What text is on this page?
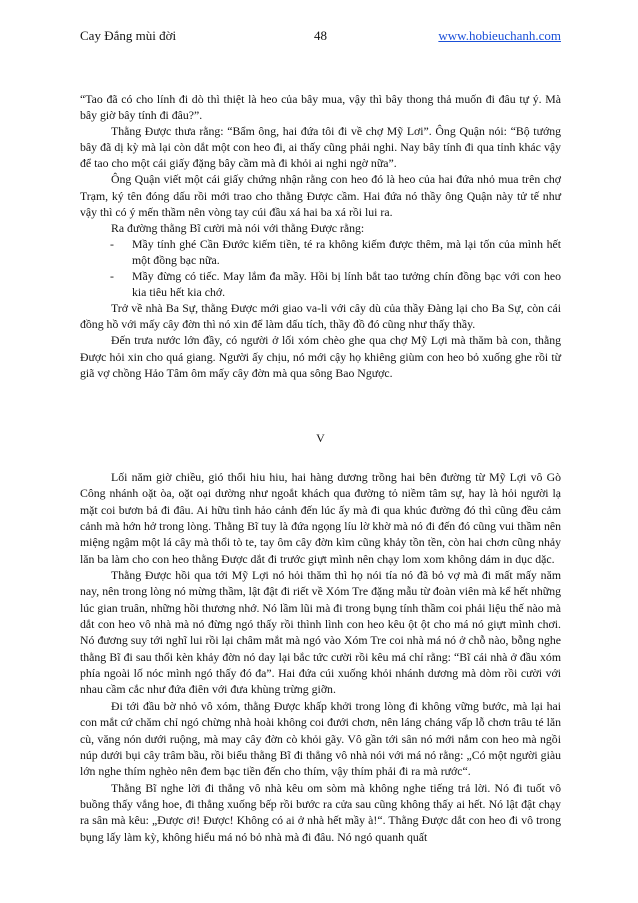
Cay Đắng mùi đời	48	www.hobieuchanh.com

“Tao đã có cho lính đi dò thì thiệt là heo của bây mua, vậy thì bây thong thả muốn đi đâu tự ý. Mà bây giờ bây tính đi đâu?”.

Thằng Được thưa rằng: “Bẩm ông, hai đứa tôi đi về chợ Mỹ Lơi”. Ông Quận nói: “Bộ tướng bây đã dị kỳ mà lại còn dắt một con heo đi, ai thấy cũng phải nghi. Nay bây tính đi qua tỉnh khác vậy để tao cho một cái giấy đặng bây cầm mà đi khỏi ai nghi ngờ nữa”.

Ông Quận viết một cái giấy chứng nhận rằng con heo đó là heo của hai đứa nhỏ mua trên chợ Trạm, ký tên đóng dấu rồi mới trao cho thằng Được cầm. Hai đứa nó thầy ông Quận này tử tế như vậy thì có ý mến thầm nên vòng tay cúi đầu xá hai ba xá rồi lui ra.

Ra đường thằng Bĩ cười mà nói với thằng Được rằng:

- Mầy tính ghé Cần Đước kiếm tiền, té ra không kiếm được thêm, mà lại tốn của mình hết một đồng bạc nữa.
- Mầy đừng có tiếc. May lắm đa mầy. Hồi bị lính bắt tao tưởng chín đồng bạc với con heo kia tiêu hết kia chớ.

Trở về nhà Ba Sự, thằng Được mới giao va-li với cây dù của thầy Đàng lại cho Ba Sự, còn cái đồng hồ với mấy cây đờn thì nó xin để làm dấu tích, thầy đồ đó cũng như thấy thầy.

Đến trưa nước lớn đầy, có người ở lối xóm chèo ghe qua chợ Mỹ Lợi mà thăm bà con, thằng Được hỏi xin cho quá giang. Người ấy chịu, nó mới cậy họ khiêng giùm con heo bỏ xuống ghe rồi từ giã vợ chồng Hảo Tâm ôm mấy cây đờn mà qua sông Bao Ngược.

V

Lối năm giờ chiều, gió thổi hiu hiu, hai hàng dương trồng hai bên đường từ Mỹ Lợi vô Gò Công nhánh oặt òa, oặt oại dường như ngoắt khách qua đường tỏ niềm tâm sự, hay là hỏi người lạ mặt coi bươn bả đi đâu. Ai hữu tình hảo cảnh đến lúc ấy mà đi qua khúc đường đó thì cũng đều cảm cảnh mà hớn hở trong lòng. Thằng Bĩ tuy là đứa ngọng líu lờ khờ mà nó đi đến đó cũng vui thầm nên miệng ngậm một lá cây mà thổi tò te, tay ôm cây đờn kìm cũng khảy tồn tền, còn hai chơn cũng nhảy lăn ba làm cho con heo thằng Được dắt đi trước giựt mình nên chạy lom xom không dám in dục dặc.

Thằng Được hồi qua tới Mỹ Lợi nó hỏi thăm thì họ nói tía nó đã bỏ vợ mà đi mất mấy năm nay, nên trong lòng nó mừng thầm, lật đật đi riết về Xóm Tre đặng mẫu từ đoàn viên mà kể hết những lúc gian truân, những hồi thương nhớ. Nó lầm lũi mà đi trong bụng tính thầm coi phải liệu thế nào mà dắt con heo vô nhà mà nó đừng ngó thấy rồi thình lình con heo kêu ột ột cho má nó giựt mình chơi. Nó đương suy tới nghĩ lui rồi lại châm mắt mà ngó vào Xóm Tre coi nhà má nó ở chỗ nào, bỗng nghe thằng Bĩ đi sau thổi kèn khảy đờn nó day lại bắc tức cười rồi kêu má chỉ rằng: “Bĩ cái nhà ở đầu xóm phía ngoài lố nóc mình ngó thấy đó đa”. Hai đứa cúi xuống khỏi nhánh dương mà dòm rồi cười với nhau cầm cắc như đứa điên với đưa khùng trừng giỡn.

Đi tới đầu bờ nhỏ vô xóm, thằng Được khấp khởi trong lòng đi không vững bước, mà lại hai con mắt cứ chăm chỉ ngó chừng nhà hoài không coi đưới chơn, nên láng cháng vấp lỗ chơn trâu té lăn cù, văng nón dưới ruộng, mà may cây đờn cò khỏi gãy. Vô gần tới sân nó mới nắm con heo mà ngồi núp dưới bụi cây trâm bầu, rồi biểu thằng Bĩ đi thẳng vô nhà nói với má nó rằng: „Có một người giàu lớn nghe thím nghèo nên đem bạc tiền đến cho thím, vậy thím phải đi ra mà rước“.

Thằng Bĩ nghe lời đi thẳng vô nhà kêu om sòm mà không nghe tiếng trả lời. Nó đi tuốt vô buồng thấy vắng hoe, đi thẳng xuống bếp rồi bước ra cửa sau cũng không thấy ai hết. Nó lật đật chạy ra sân mà kêu: „Được ơi! Được! Không có ai ở nhà hết mầy à!“. Thằng Được dắt con heo đi vô trong bụng lấy làm kỳ, không hiểu má nó bỏ nhà mà đi đâu. Nó ngó quanh quất
